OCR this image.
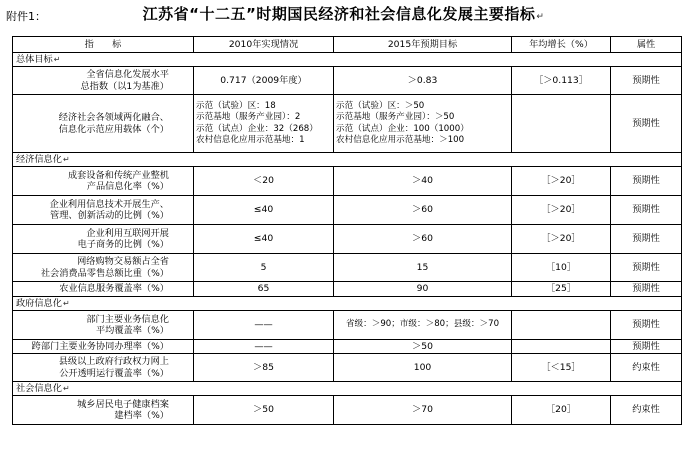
附件1：	江苏省“十二五”时期国民经济和社会信息化发展主要指标↵
指　　标	2010年实现情况	2015年预期目标	年均增长（%）	属性
总体目标↵				
全省信息化发展水平
总指数（以1为基准）	0.717（2009年度）	＞0.83	［＞0.113］	预期性
经济社会各领域两化融合、
信息化示范应用载体（个）	示范（试验）区：18
示范基地（服务产业园）：2
示范（试点）企业：32（268）
农村信息化应用示范基地：1	示范（试验）区：＞50
示范基地（服务产业园）：＞50
示范（试点）企业：100（1000）
农村信息化应用示范基地：＞100		预期性
经济信息化↵				
成套设备和传统产业整机
产品信息化率（%）	＜20	＞40	［＞20］	预期性
企业利用信息技术开展生产、
管理、创新活动的比例（%）	≤40	＞60	［＞20］	预期性
企业利用互联网开展
电子商务的比例（%）	≤40	＞60	［＞20］	预期性
网络购物交易额占全省
社会消费品零售总额比重（%）	5	15	［10］	预期性
农业信息服务覆盖率（%）	65	90	［25］	预期性
政府信息化↵				
部门主要业务信息化
平均覆盖率（%）	——	省级：＞90；市级：＞80；县级：＞70		预期性
跨部门主要业务协同办理率（%）	——	＞50		预期性
县级以上政府行政权力网上
公开透明运行覆盖率（%）	＞85	100	［＜15］	约束性
社会信息化↵				
城乡居民电子健康档案
建档率（%）	＞50	＞70	［20］	约束性
